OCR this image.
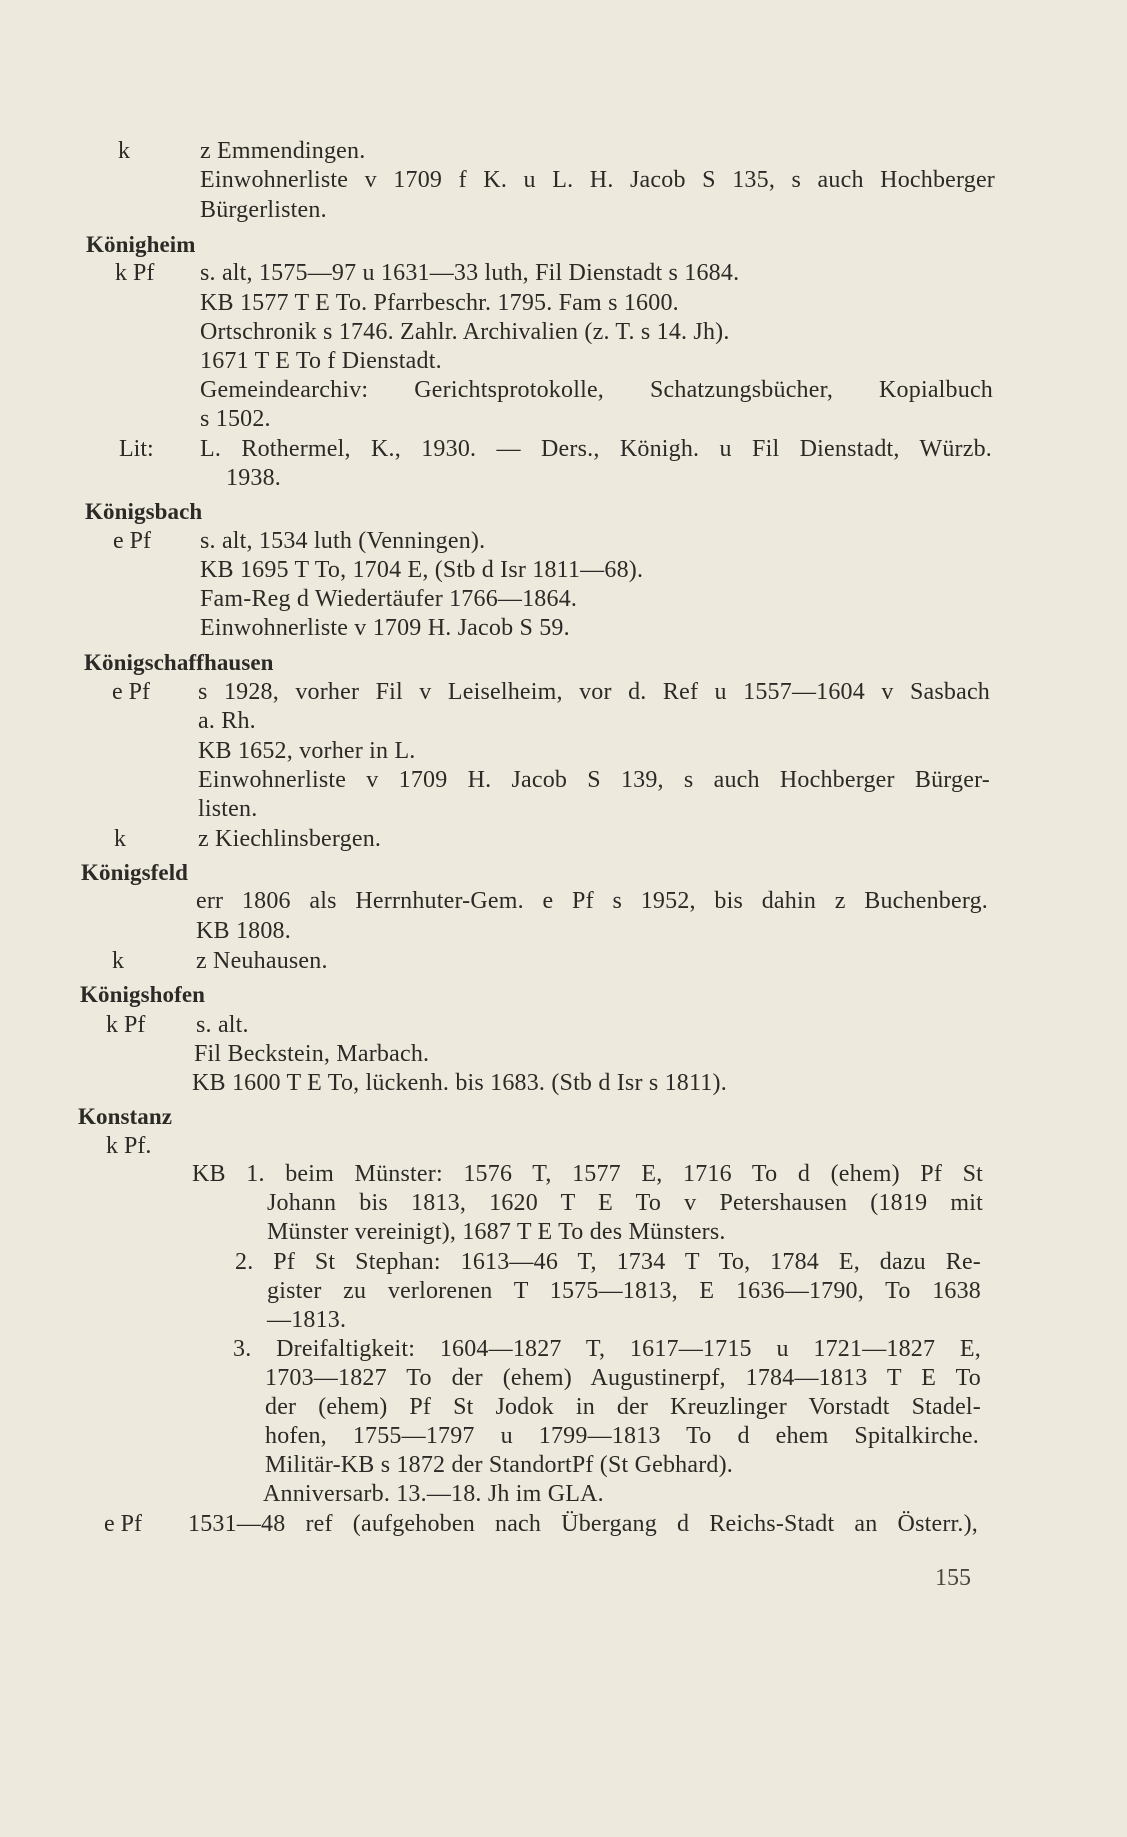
k	z Emmendingen.
Einwohnerliste v 1709 f K. u L. H. Jacob S 135, s auch Hochberger
Bürgerlisten.
Königheim
k Pf s. alt, 1575—97 u 1631—33 luth, Fil Dienstadt s 1684.
KB 1577 T E To. Pfarrbeschr. 1795. Fam s 1600.
Ortschronik s 1746. Zahlr. Archivalien (z. T. s 14. Jh).
1671 T E To f Dienstadt.
Gemeindearchiv: Gerichtsprotokolle, Schatzungsbücher, Kopialbuch
s 1502.
Lit: L. Rothermel, K., 1930. — Ders., Königh. u Fil Dienstadt, Würzb.
1938.
Königsbach
e Pf s. alt, 1534 luth (Venningen).
KB 1695 T To, 1704 E, (Stb d Isr 1811—68).
Fam-Reg d Wiedertäufer 1766—1864.
Einwohnerliste v 1709 H. Jacob S 59.
Königschaffhausen
e Pf s 1928, vorher Fil v Leiselheim, vor d. Ref u 1557—1604 v Sasbach
a. Rh.
KB 1652, vorher in L.
Einwohnerliste v 1709 H. Jacob S 139, s auch Hochberger Bürger-
listen.
k	z Kiechlinsbergen.
Königsfeld
err 1806 als Herrnhuter-Gem. e Pf s 1952, bis dahin z Buchenberg.
KB 1808.
k	z Neuhausen.
Königshofen
k Pf s. alt.
Fil Beckstein, Marbach.
KB 1600 T E To, lückenh. bis 1683. (Stb d Isr s 1811).
Konstanz
k Pf.
KB 1. beim Münster: 1576 T, 1577 E, 1716 To d (ehem) Pf St
Johann bis 1813, 1620 T E To v Petershausen (1819 mit
Münster vereinigt), 1687 T E To des Münsters.
2. Pf St Stephan: 1613—46 T, 1734 T To, 1784 E, dazu Re-
gister zu verlorenen T 1575—1813, E 1636—1790, To 1638
—1813.
3. Dreifaltigkeit: 1604—1827 T, 1617—1715 u 1721—1827 E,
1703—1827 To der (ehem) Augustinerpf, 1784—1813 T E To
der (ehem) Pf St Jodok in der Kreuzlinger Vorstadt Stadel-
hofen, 1755—1797 u 1799—1813 To d ehem Spitalkirche.
Militär-KB s 1872 der StandortPf (St Gebhard).
Anniversarb. 13.—18. Jh im GLA.
e Pf 1531—48 ref (aufgehoben nach Übergang d Reichs-Stadt an Österr.),
155
